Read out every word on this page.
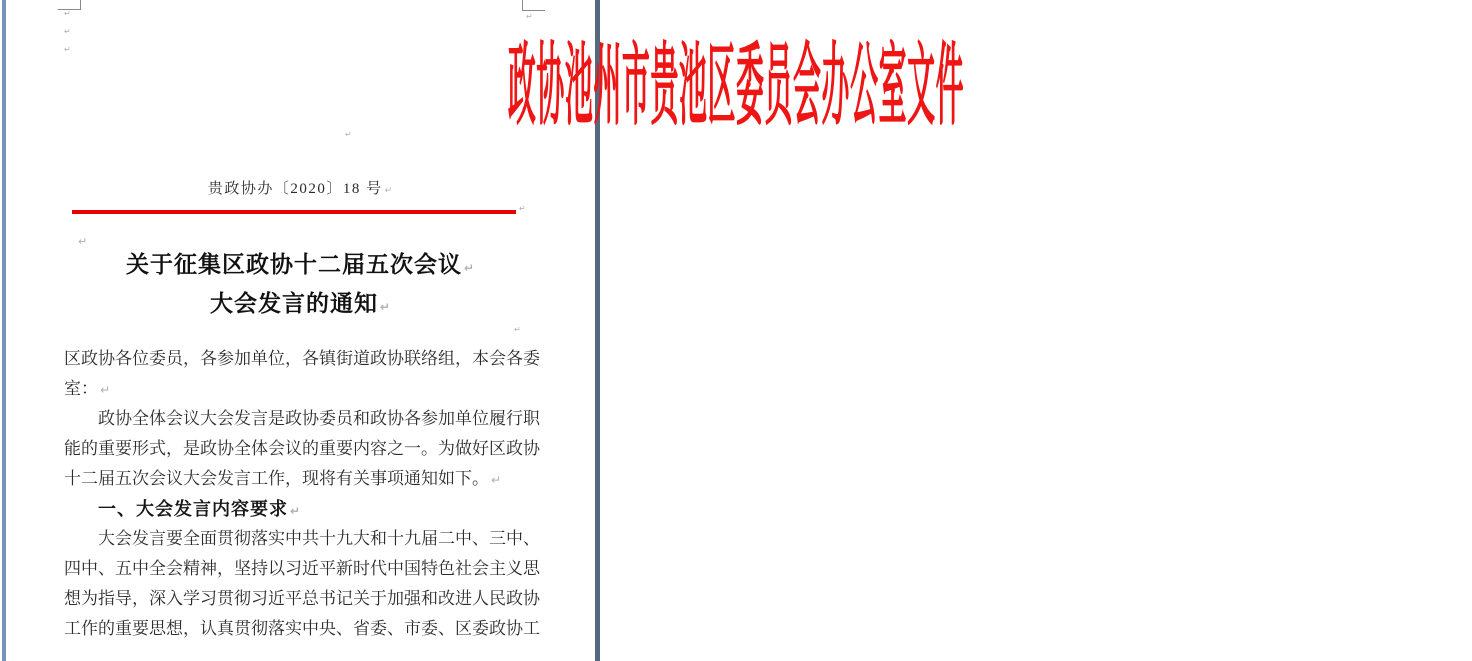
↵
↵
↵
↵
↵
↵
↵
↵
政协池州市贵池区委员会办公室文件
贵政协办〔2020〕18 号 ↵
关于征集区政协十二届五次会议 ↵
大会发言的通知 ↵
区政协各位委员，各参加单位，各镇街道政协联络组，本会各委
室： ↵
政协全体会议大会发言是政协委员和政协各参加单位履行职
能的重要形式，是政协全体会议的重要内容之一。为做好区政协
十二届五次会议大会发言工作，现将有关事项通知如下。 ↵
一、大会发言内容要求 ↵
大会发言要全面贯彻落实中共十九大和十九届二中、三中、
四中、五中全会精神，坚持以习近平新时代中国特色社会主义思
想为指导，深入学习贯彻习近平总书记关于加强和改进人民政协
工作的重要思想，认真贯彻落实中央、省委、市委、区委政协工
